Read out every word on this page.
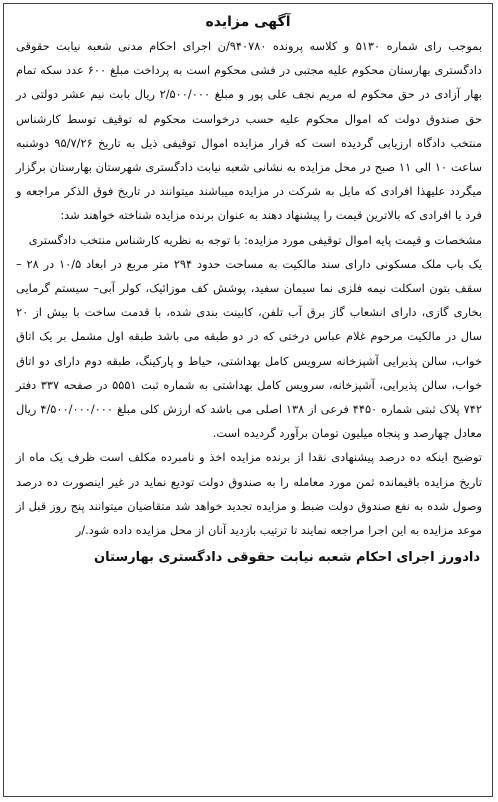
آگهی مزایده

بموجب رای شماره ۵۱۳۰ و کلاسه پرونده ۹۴۰۷۸۰/ن اجرای احکام مدنی شعبه نیابت حقوقی دادگستری بهارستان محکوم علیه مجتبی در فشی محکوم است به پرداخت مبلغ ۶۰۰ عدد سکه تمام بهار آزادی در حق محکوم له مریم نجف علی پور و مبلغ ۲/۵۰۰/۰۰۰ ریال بابت نیم عشر دولتی در حق صندوق دولت که اموال محکوم علیه حسب درخواست محکوم له توقیف توسط کارشناس منتخب دادگاه ارزیابی گردیده است که قرار مزایده اموال توقیفی ذیل به تاریخ ۹۵/۷/۲۶ دوشنبه ساعت ۱۰ الی ۱۱ صبح در محل مزایده به نشانی شعبه نیابت دادگستری شهرستان بهارستان برگزار میگردد علیهذا افرادی که مایل به شرکت در مزایده میباشند میتوانند در تاریخ فوق الذکر مراجعه و فرد یا افرادی که بالاترین قیمت را پیشنهاد دهند به عنوان برنده مزایده شناخته خواهند شد:

مشخصات و قیمت پایه اموال توقیفی مورد مزایده: با توجه به نظریه کارشناس منتخب دادگستری

یک باب ملک مسکونی دارای سند مالکیت به مساحت حدود ۲۹۴ متر مربع در ابعاد ۱۰/۵ در ۲۸ – سقف بتون اسکلت نیمه فلزی نما سیمان سفید، پوشش کف موزائیک، کولر آبی– سیستم گرمایی بخاری گازی، دارای انشعاب گاز برق آب تلفن، کابینت بندی شده، با قدمت ساخت با بیش از ۲۰ سال در مالکیت مرحوم غلام عباس درختی که در دو طبقه می باشد طبقه اول مشمل بر یک اتاق خواب، سالن پذیرایی آشپزخانه سرویس کامل بهداشتی، حیاط و پارکینگ، طبقه دوم دارای دو اتاق خواب، سالن پذیرایی، آشپزخانه، سرویس کامل بهداشتی به شماره ثبت ۵۵۵۱ در صفحه ۳۳۷ دفتر ۷۴۲ پلاک ثبتی شماره ۴۴۵۰ فرعی از ۱۳۸ اصلی می باشد که ارزش کلی مبلغ ۴/۵۰۰/۰۰۰/۰۰۰ ریال معادل چهارصد و پنجاه میلیون تومان برآورد گردیده است.

توضیح اینکه ده درصد پیشنهادی نقدا از برنده مزایده اخذ و نامبرده مکلف است ظرف یک ماه از تاریخ مزایده باقیمانده ثمن مورد معامله را به صندوق دولت تودیع نماید در غیر اینصورت ده درصد وصول شده به نفع صندوق دولت ضبط و مزایده تجدید خواهد شد متقاضیان میتوانند پنج روز قبل از موعد مزایده به این اجرا مراجعه نمایند تا ترتیب بازدید آنان از محل مزایده داده شود./ر

دادورز اجرای احکام شعبه نیابت حقوقی دادگستری بهارستان
